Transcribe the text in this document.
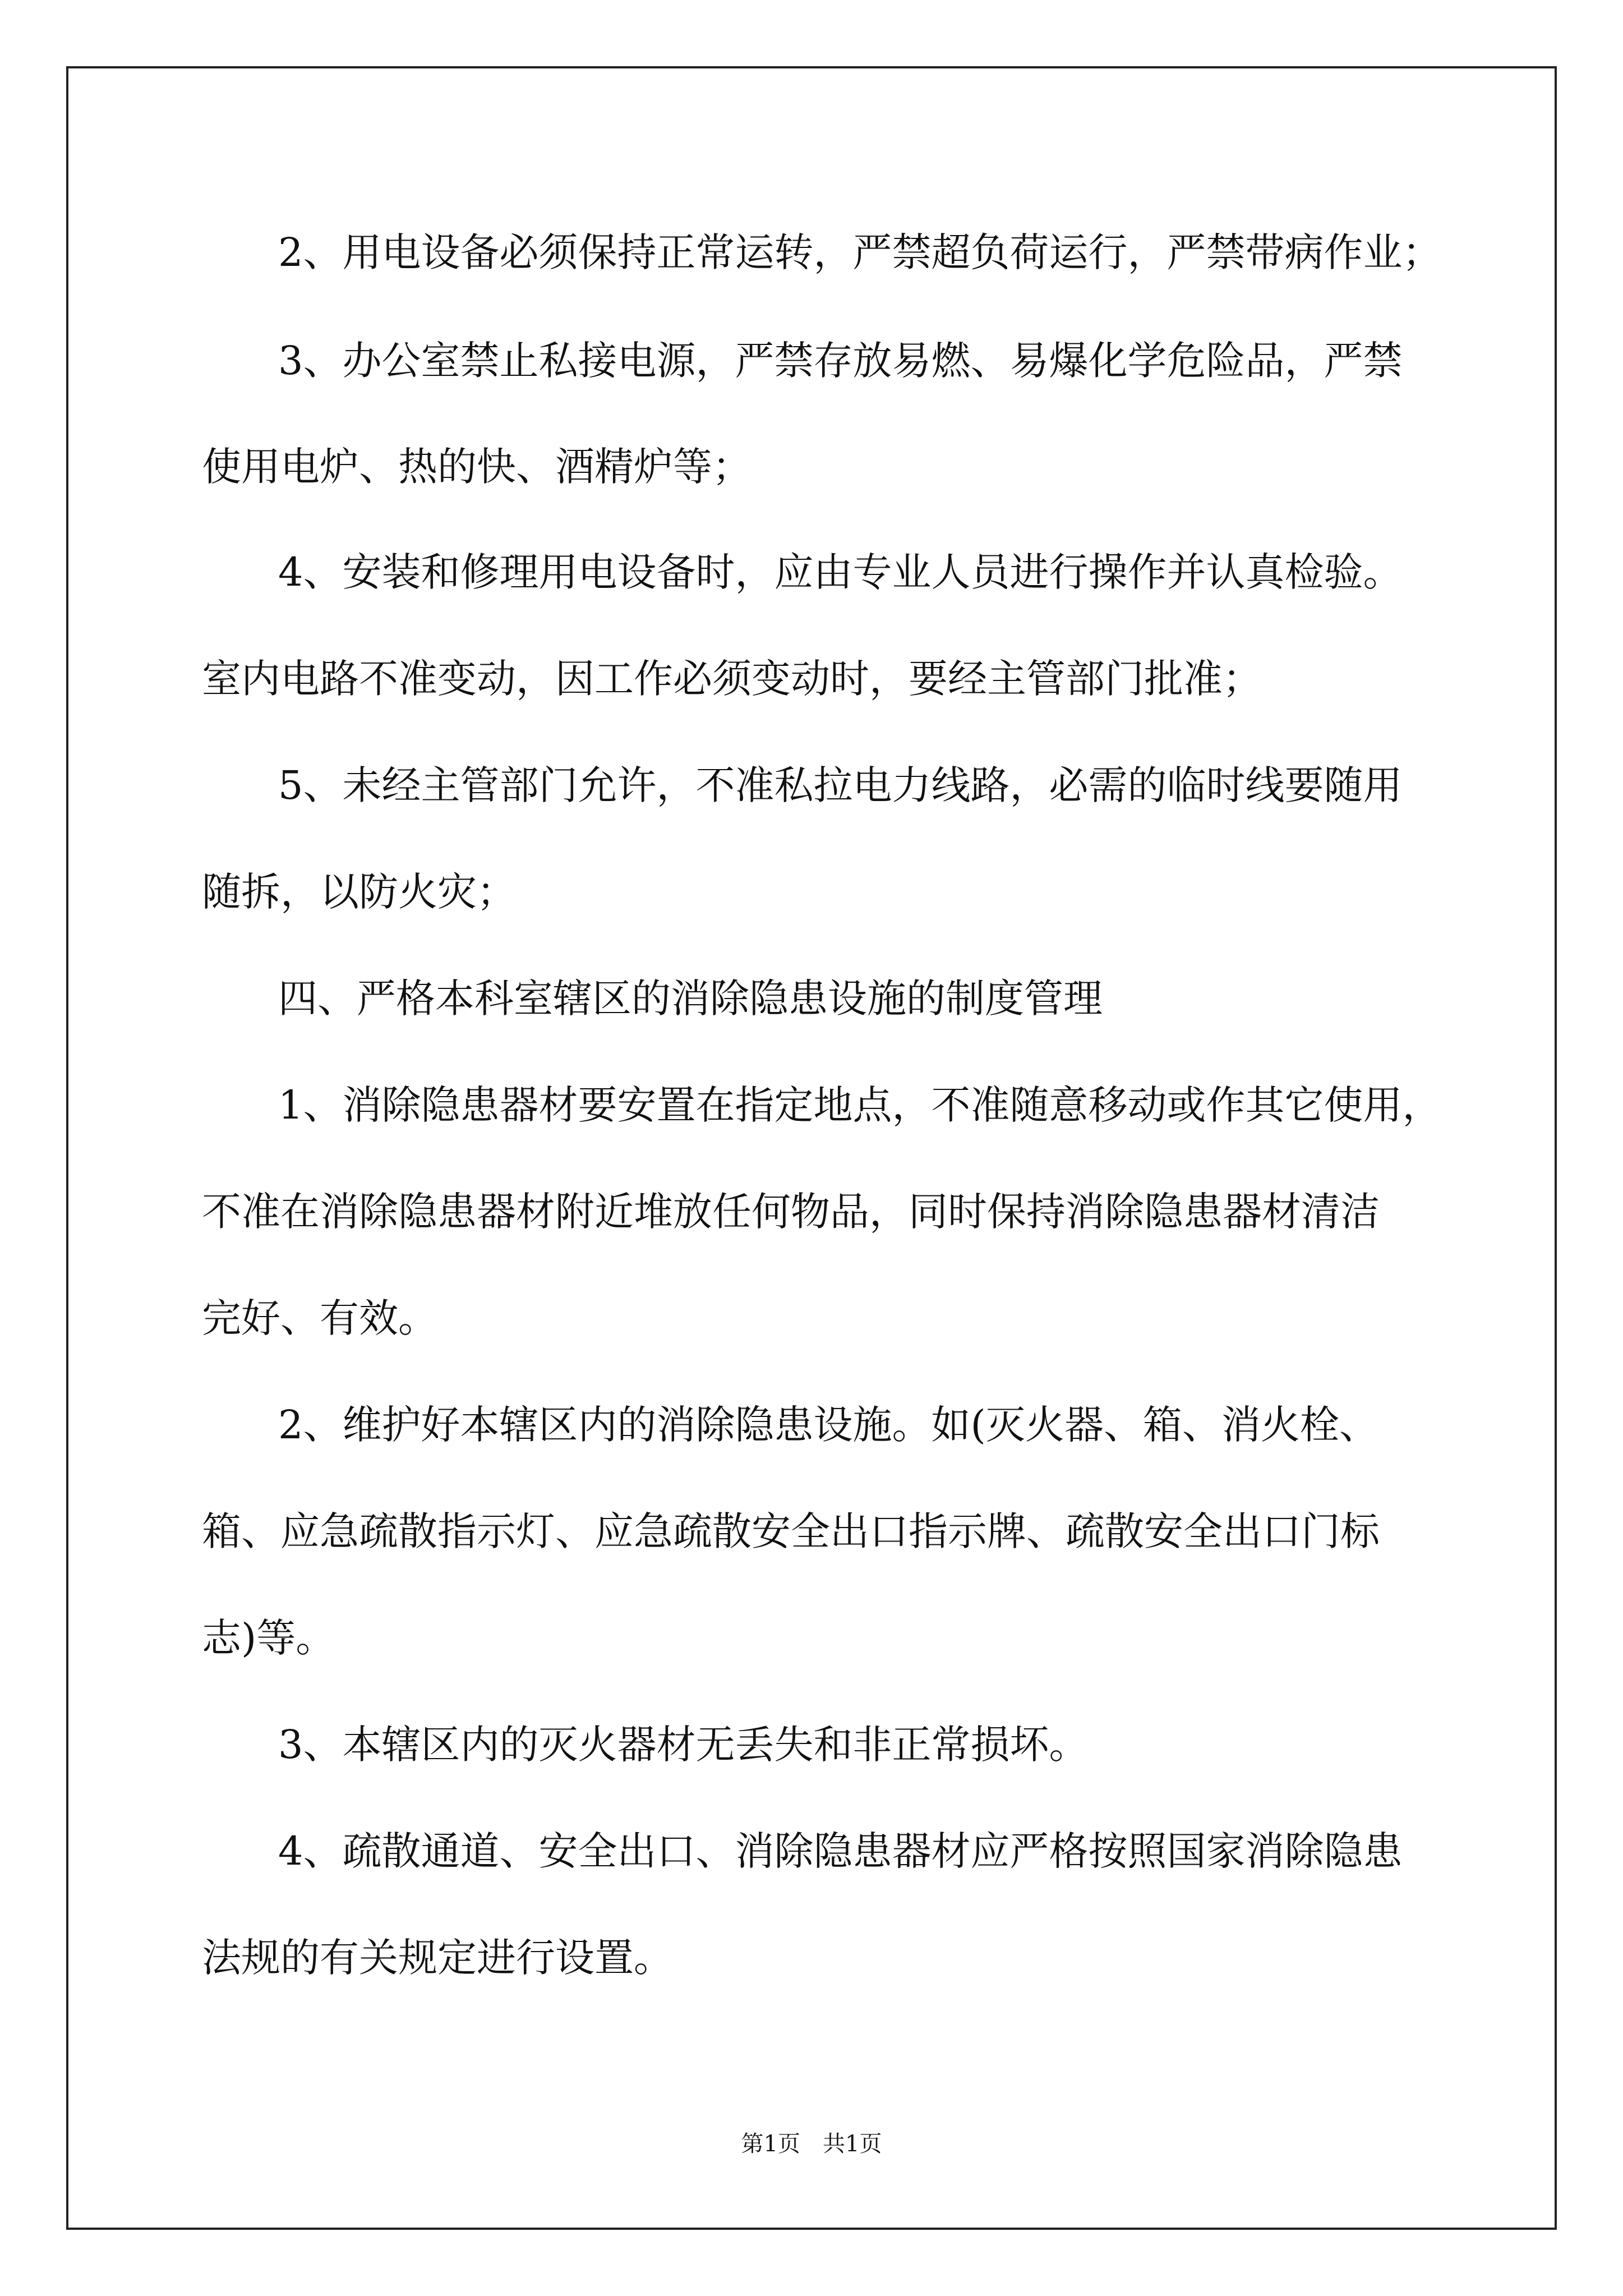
2、用电设备必须保持正常运转，严禁超负荷运行，严禁带病作业；
3、办公室禁止私接电源，严禁存放易燃、易爆化学危险品，严禁
使用电炉、热的快、酒精炉等；
4、安装和修理用电设备时，应由专业人员进行操作并认真检验。
室内电路不准变动，因工作必须变动时，要经主管部门批准；
5、未经主管部门允许，不准私拉电力线路，必需的临时线要随用
随拆，以防火灾；
四、严格本科室辖区的消除隐患设施的制度管理
1、消除隐患器材要安置在指定地点，不准随意移动或作其它使用，
不准在消除隐患器材附近堆放任何物品，同时保持消除隐患器材清洁
完好、有效。
2、维护好本辖区内的消除隐患设施。如(灭火器、箱、消火栓、
箱、应急疏散指示灯、应急疏散安全出口指示牌、疏散安全出口门标
志)等。
3、本辖区内的灭火器材无丢失和非正常损坏。
4、疏散通道、安全出口、消除隐患器材应严格按照国家消除隐患
法规的有关规定进行设置。
第1页　共1页
